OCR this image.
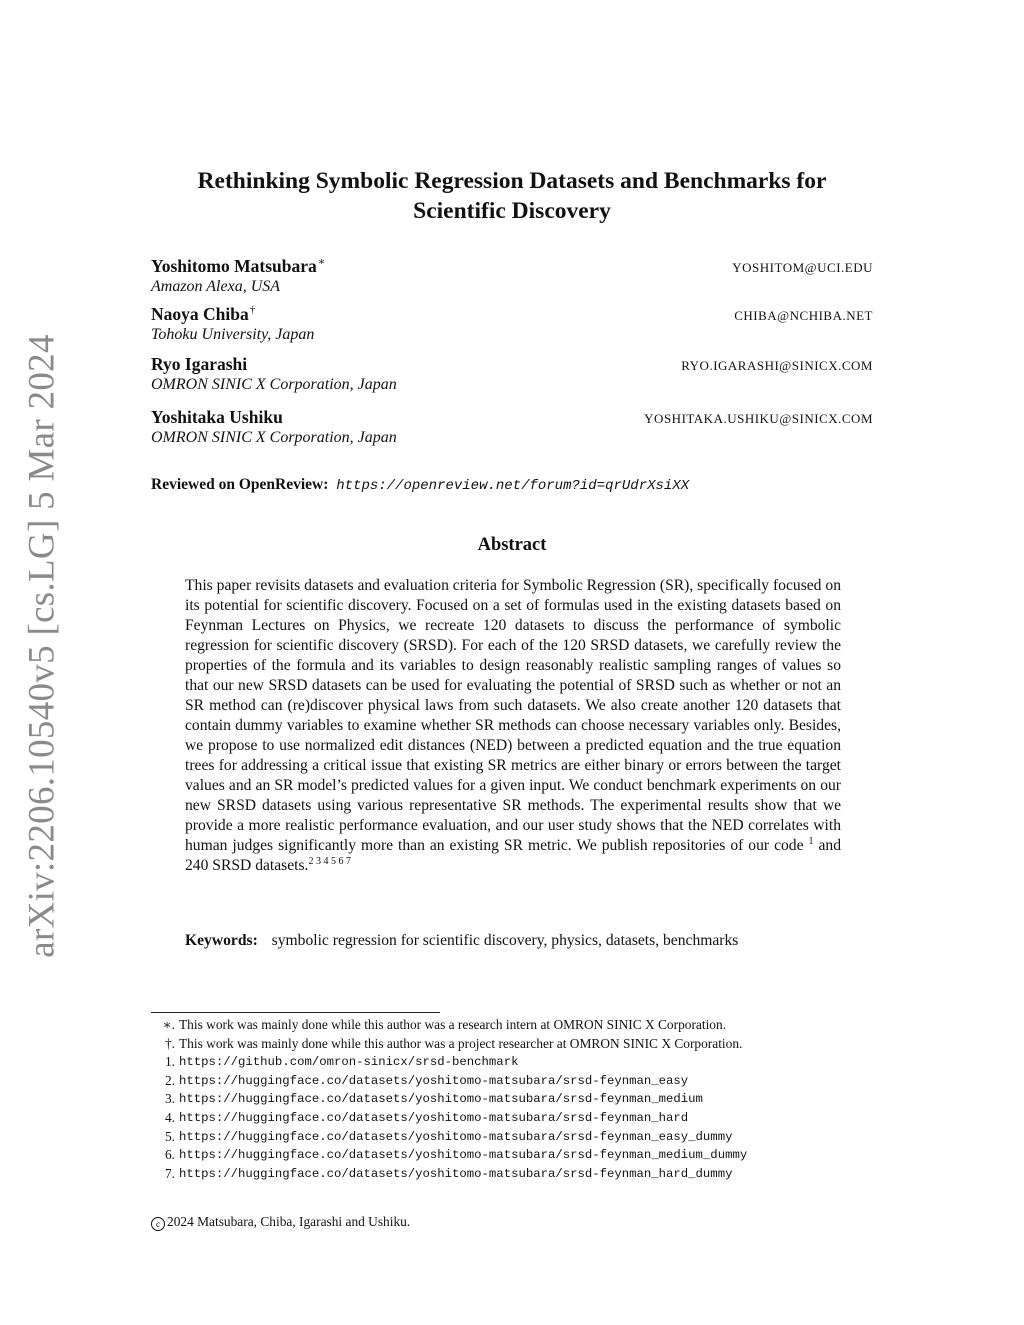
arXiv:2206.10540v5 [cs.LG] 5 Mar 2024
Rethinking Symbolic Regression Datasets and Benchmarks for
Scientific Discovery
Yoshitomo Matsubara∗	YOSHITOM@UCI.EDU
Amazon Alexa, USA
Naoya Chiba†	CHIBA@NCHIBA.NET
Tohoku University, Japan
Ryo Igarashi	RYO.IGARASHI@SINICX.COM
OMRON SINIC X Corporation, Japan
Yoshitaka Ushiku	YOSHITAKA.USHIKU@SINICX.COM
OMRON SINIC X Corporation, Japan
Reviewed on OpenReview: https://openreview.net/forum?id=qrUdrXsiXX
Abstract
This paper revisits datasets and evaluation criteria for Symbolic Regression (SR), specifically focused on its potential for scientific discovery. Focused on a set of formulas used in the existing datasets based on Feynman Lectures on Physics, we recreate 120 datasets to discuss the performance of symbolic regression for scientific discovery (SRSD). For each of the 120 SRSD datasets, we carefully review the properties of the formula and its variables to design reasonably realistic sampling ranges of values so that our new SRSD datasets can be used for evaluating the potential of SRSD such as whether or not an SR method can (re)discover physical laws from such datasets. We also create another 120 datasets that contain dummy variables to examine whether SR methods can choose necessary variables only. Besides, we propose to use normalized edit distances (NED) between a predicted equation and the true equation trees for addressing a critical issue that existing SR metrics are either binary or errors between the target values and an SR model’s predicted values for a given input. We conduct benchmark experiments on our new SRSD datasets using various representative SR methods. The experimental results show that we provide a more realistic performance evaluation, and our user study shows that the NED correlates with human judges significantly more than an existing SR metric. We publish repositories of our code $^1$ and 240 SRSD datasets.$^{2 3 4 5 6 7}$
Keywords: symbolic regression for scientific discovery, physics, datasets, benchmarks
∗. This work was mainly done while this author was a research intern at OMRON SINIC X Corporation.
†. This work was mainly done while this author was a project researcher at OMRON SINIC X Corporation.
1. https://github.com/omron-sinicx/srsd-benchmark
2. https://huggingface.co/datasets/yoshitomo-matsubara/srsd-feynman_easy
3. https://huggingface.co/datasets/yoshitomo-matsubara/srsd-feynman_medium
4. https://huggingface.co/datasets/yoshitomo-matsubara/srsd-feynman_hard
5. https://huggingface.co/datasets/yoshitomo-matsubara/srsd-feynman_easy_dummy
6. https://huggingface.co/datasets/yoshitomo-matsubara/srsd-feynman_medium_dummy
7. https://huggingface.co/datasets/yoshitomo-matsubara/srsd-feynman_hard_dummy
c 2024 Matsubara, Chiba, Igarashi and Ushiku.
